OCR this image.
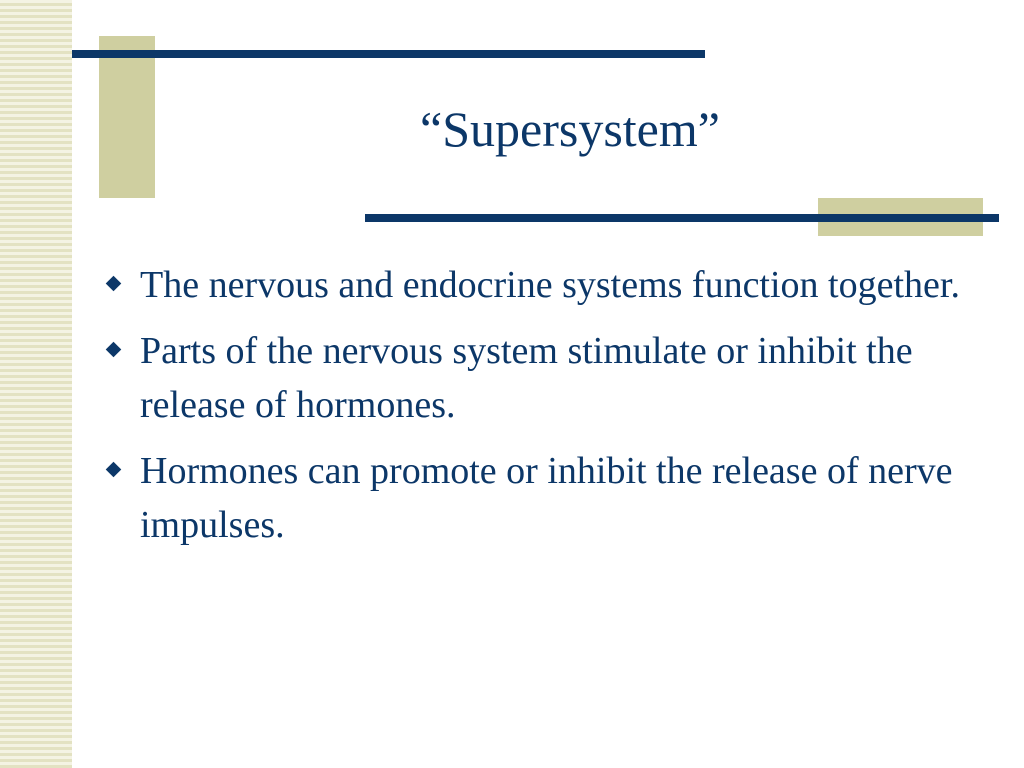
“Supersystem”
The nervous and endocrine systems function together.
Parts of the nervous system stimulate or inhibit the release of hormones.
Hormones can promote or inhibit the release of nerve impulses.
